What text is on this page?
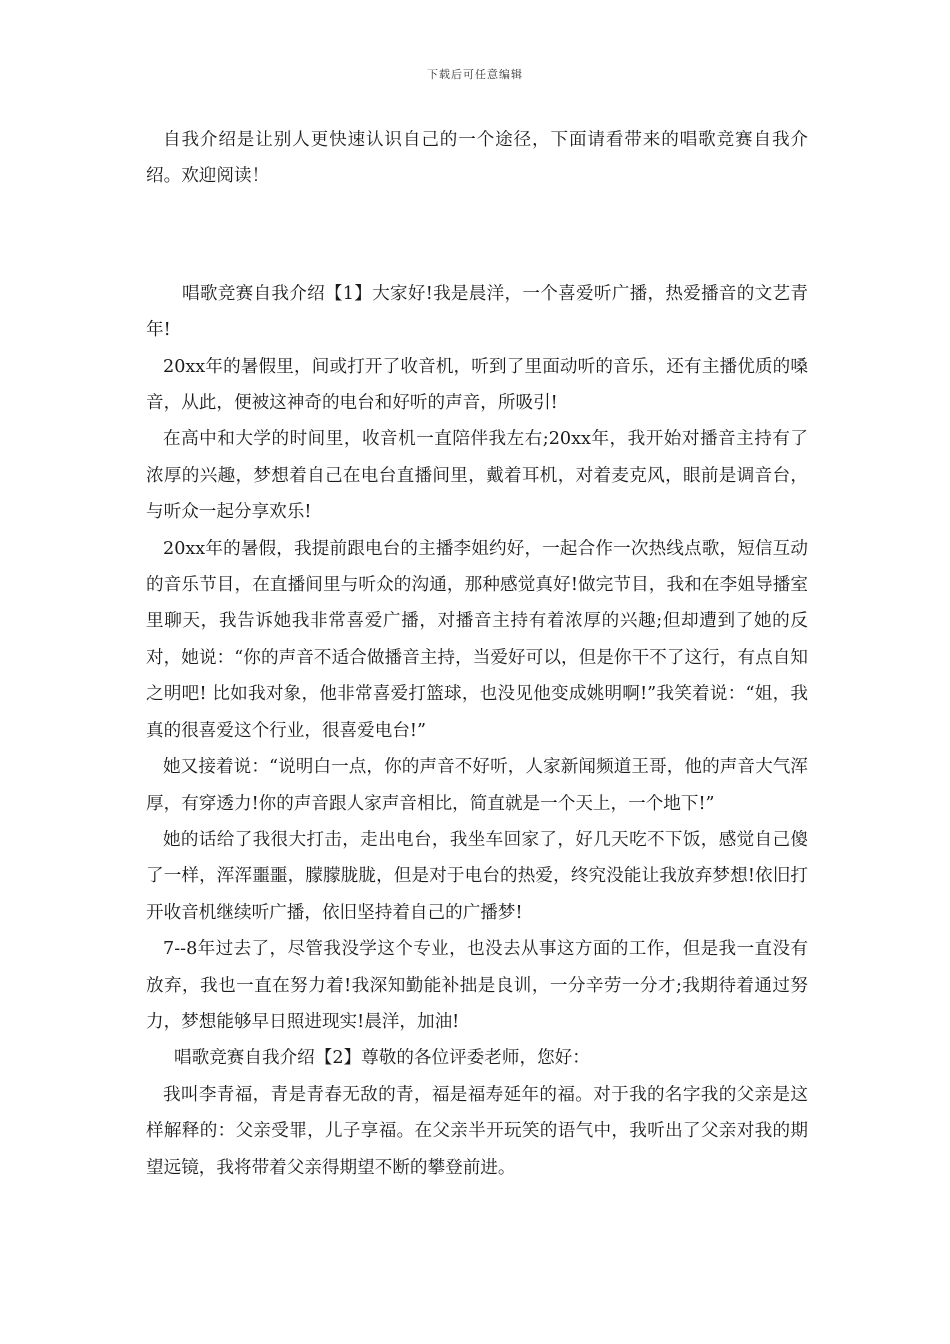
下载后可任意编辑

自我介绍是让别人更快速认识自己的一个途径，下面请看带来的唱歌竞赛自我介绍。欢迎阅读！

唱歌竞赛自我介绍【1】大家好!我是晨洋，一个喜爱听广播，热爱播音的文艺青年!

20xx年的暑假里，间或打开了收音机，听到了里面动听的音乐，还有主播优质的嗓音，从此，便被这神奇的电台和好听的声音，所吸引!

在高中和大学的时间里，收音机一直陪伴我左右;20xx年，我开始对播音主持有了浓厚的兴趣，梦想着自己在电台直播间里，戴着耳机，对着麦克风，眼前是调音台，与听众一起分享欢乐!

20xx年的暑假，我提前跟电台的主播李姐约好，一起合作一次热线点歌，短信互动的音乐节目，在直播间里与听众的沟通，那种感觉真好!做完节目，我和在李姐导播室里聊天，我告诉她我非常喜爱广播，对播音主持有着浓厚的兴趣;但却遭到了她的反对，她说：“你的声音不适合做播音主持，当爱好可以，但是你干不了这行，有点自知之明吧! 比如我对象，他非常喜爱打篮球，也没见他变成姚明啊!”我笑着说：“姐，我真的很喜爱这个行业，很喜爱电台!”

她又接着说：“说明白一点，你的声音不好听，人家新闻频道王哥，他的声音大气浑厚，有穿透力!你的声音跟人家声音相比，简直就是一个天上，一个地下!”

她的话给了我很大打击，走出电台，我坐车回家了，好几天吃不下饭，感觉自己傻了一样，浑浑噩噩，朦朦胧胧，但是对于电台的热爱，终究没能让我放弃梦想!依旧打开收音机继续听广播，依旧坚持着自己的广播梦!

7--8年过去了，尽管我没学这个专业，也没去从事这方面的工作，但是我一直没有放弃，我也一直在努力着!我深知勤能补拙是良训，一分辛劳一分才;我期待着通过努力，梦想能够早日照进现实!晨洋，加油!

唱歌竞赛自我介绍【2】尊敬的各位评委老师，您好：

我叫李青福，青是青春无敌的青，福是福寿延年的福。对于我的名字我的父亲是这样解释的：父亲受罪，儿子享福。在父亲半开玩笑的语气中，我听出了父亲对我的期望远镜，我将带着父亲得期望不断的攀登前进。
